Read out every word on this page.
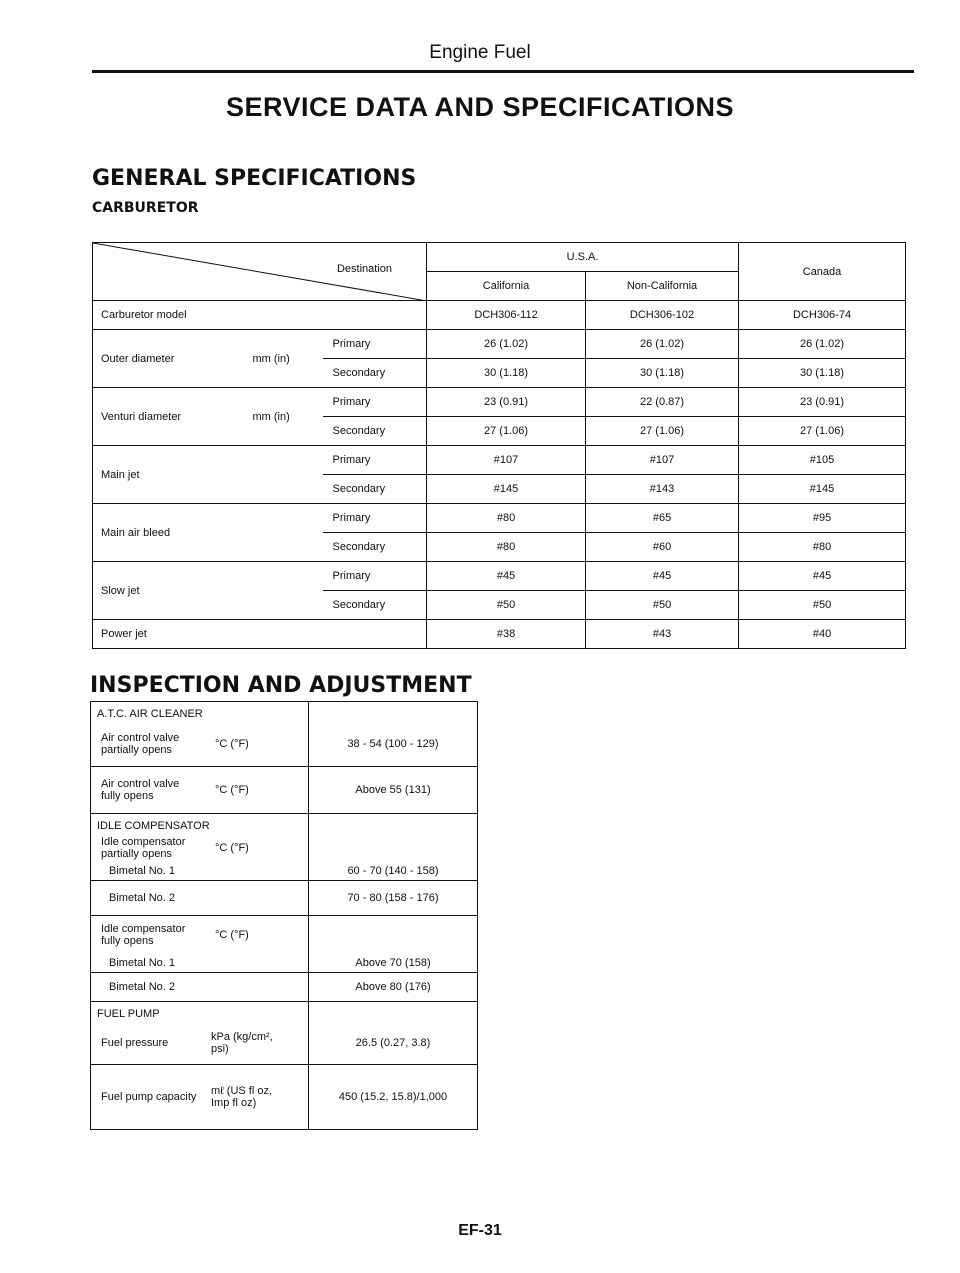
Engine Fuel
SERVICE DATA AND SPECIFICATIONS
GENERAL SPECIFICATIONS
CARBURETOR
Destination			U.S.A.		Canada
			California	Non-California	
Carburetor model			DCH306-112	DCH306-102	DCH306-74
Outer diameter	mm (in)	Primary	26 (1.02)	26 (1.02)	26 (1.02)
		Secondary	30 (1.18)	30 (1.18)	30 (1.18)
Venturi diameter	mm (in)	Primary	23 (0.91)	22 (0.87)	23 (0.91)
		Secondary	27 (1.06)	27 (1.06)	27 (1.06)
Main jet		Primary	#107	#107	#105
		Secondary	#145	#143	#145
Main air bleed		Primary	#80	#65	#95
		Secondary	#80	#60	#80
Slow jet		Primary	#45	#45	#45
		Secondary	#50	#50	#50
Power jet			#38	#43	#40
INSPECTION AND ADJUSTMENT
A.T.C. AIR CLEANER	

Air control valve partially opens °C (°F)	38 - 54 (100 - 129)

Air control valve fully opens °C (°F)	Above 55 (131)
IDLE COMPENSATOR	

Idle compensator partially opens °C (°F)	

Bimetal No. 1	60 - 70 (140 - 158)
Bimetal No. 2	70 - 80 (158 - 176)

Idle compensator fully opens °C (°F)	

Bimetal No. 1	Above 70 (158)
Bimetal No. 2	Above 80 (176)
FUEL PUMP	

Fuel pressure kPa (kg/cm², psi)	26.5 (0.27, 3.8)

Fuel pump capacity mℓ (US fl oz, Imp fl oz)	450 (15.2, 15.8)/1,000
EF-31
